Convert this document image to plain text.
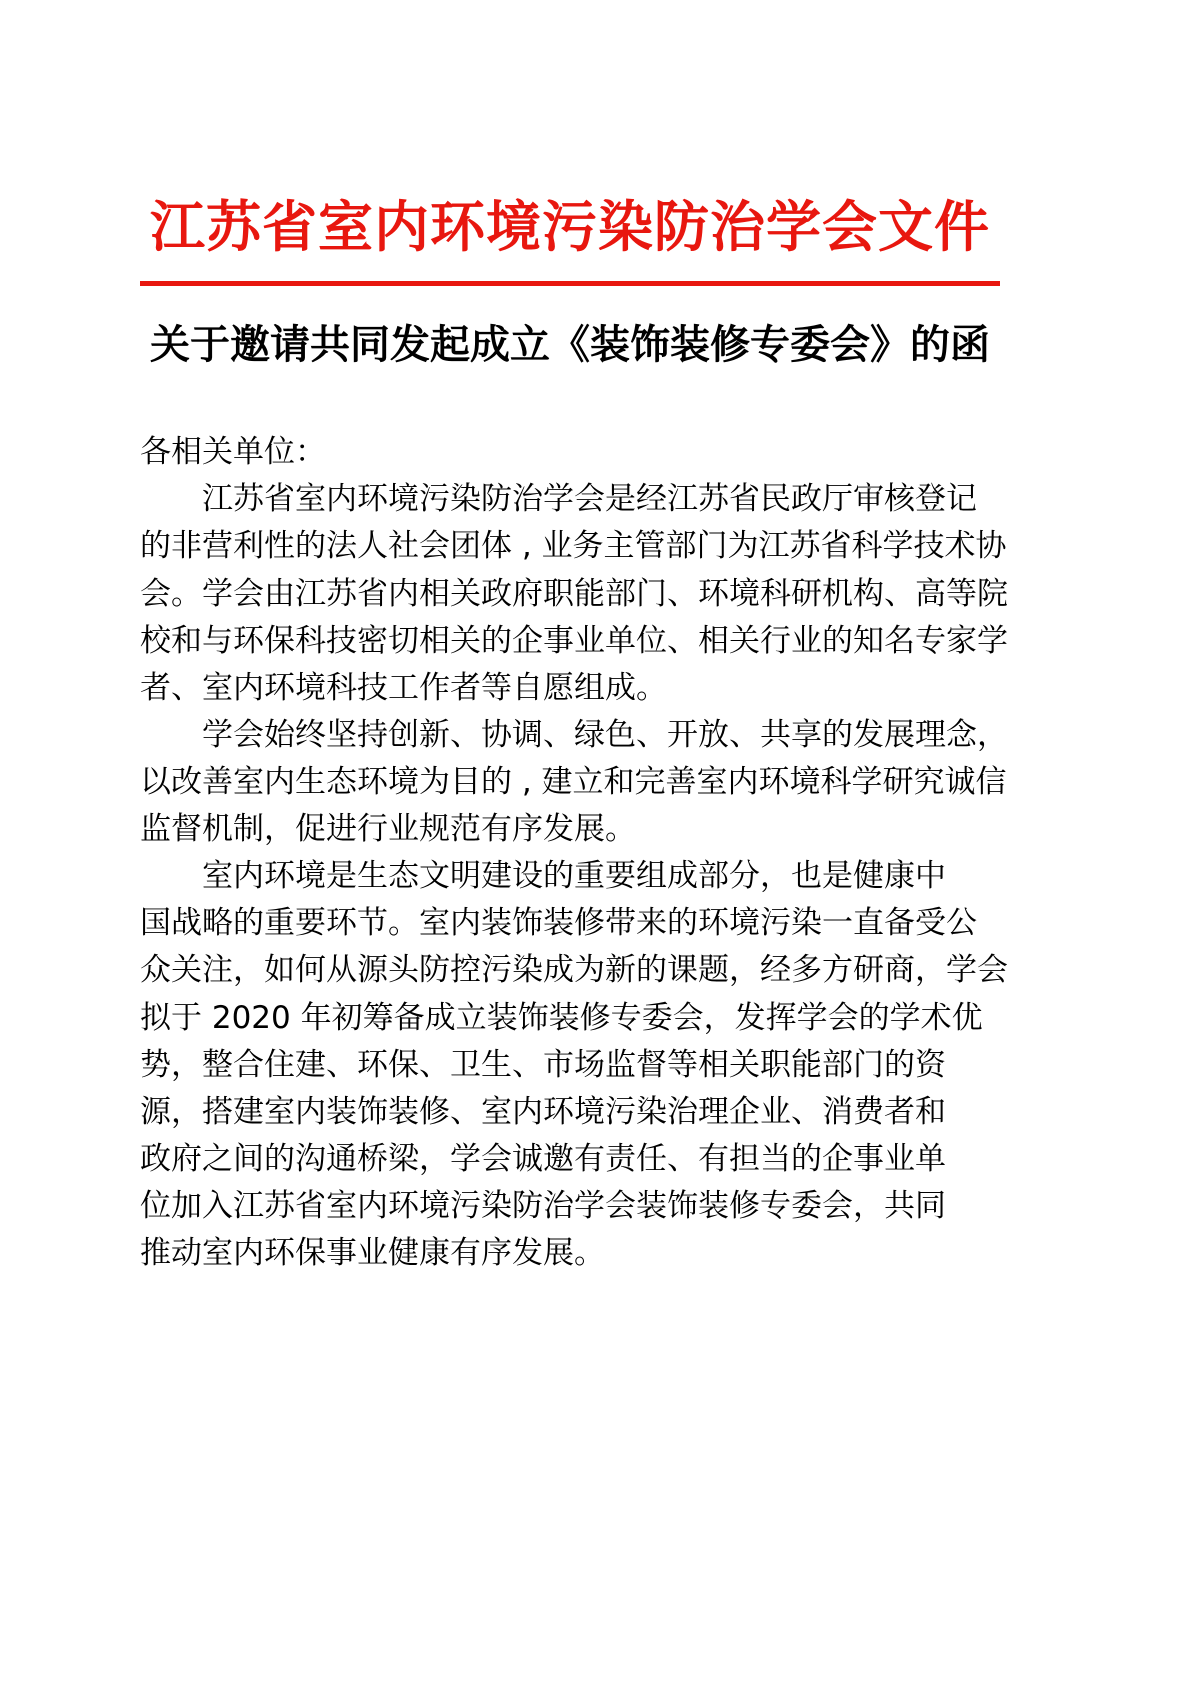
江苏省室内环境污染防治学会文件
关于邀请共同发起成立《装饰装修专委会》的函
各相关单位：
江苏省室内环境污染防治学会是经江苏省民政厅审核登记
的非营利性的法人社会团体 , 业务主管部门为江苏省科学技术协
会。学会由江苏省内相关政府职能部门、环境科研机构、高等院
校和与环保科技密切相关的企事业单位、相关行业的知名专家学
者、室内环境科技工作者等自愿组成。
学会始终坚持创新、协调、绿色、开放、共享的发展理念，
以改善室内生态环境为目的 , 建立和完善室内环境科学研究诚信
监督机制，促进行业规范有序发展。
室内环境是生态文明建设的重要组成部分，也是健康中
国战略的重要环节。室内装饰装修带来的环境污染一直备受公
众关注，如何从源头防控污染成为新的课题，经多方研商，学会
拟于 2020 年初筹备成立装饰装修专委会，发挥学会的学术优
势，整合住建、环保、卫生、市场监督等相关职能部门的资
源，搭建室内装饰装修、室内环境污染治理企业、消费者和
政府之间的沟通桥梁，学会诚邀有责任、有担当的企事业单
位加入江苏省室内环境污染防治学会装饰装修专委会，共同
推动室内环保事业健康有序发展。
